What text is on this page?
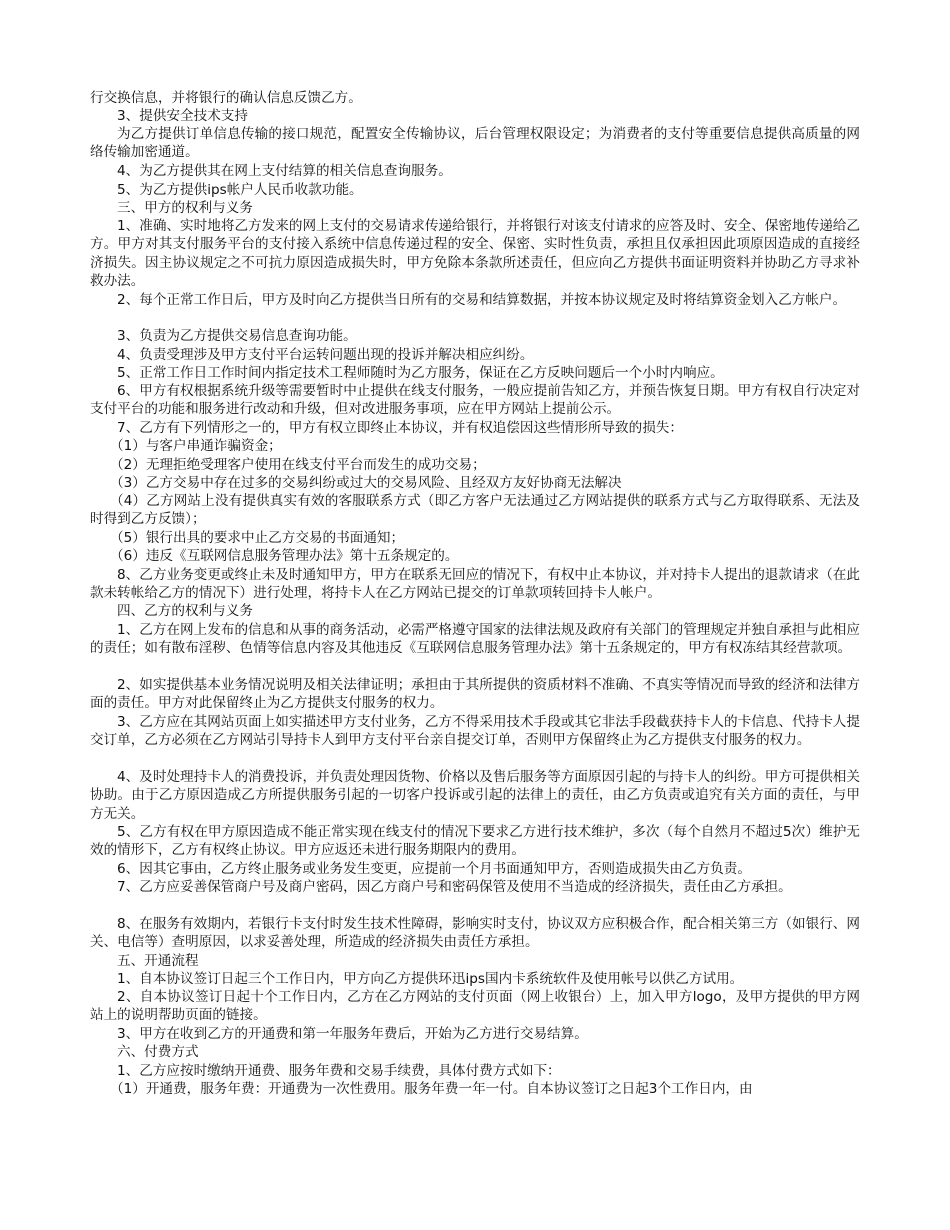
行交换信息，并将银行的确认信息反馈乙方。

3、提供安全技术支持

为乙方提供订单信息传输的接口规范，配置安全传输协议，后台管理权限设定；为消费者的支付等重要信息提供高质量的网络传输加密通道。

4、为乙方提供其在网上支付结算的相关信息查询服务。

5、为乙方提供ips帐户人民币收款功能。

三、甲方的权利与义务

1、准确、实时地将乙方发来的网上支付的交易请求传递给银行，并将银行对该支付请求的应答及时、安全、保密地传递给乙方。甲方对其支付服务平台的支付接入系统中信息传递过程的安全、保密、实时性负责，承担且仅承担因此项原因造成的直接经济损失。因主协议规定之不可抗力原因造成损失时，甲方免除本条款所述责任，但应向乙方提供书面证明资料并协助乙方寻求补救办法。

2、每个正常工作日后，甲方及时向乙方提供当日所有的交易和结算数据，并按本协议规定及时将结算资金划入乙方帐户。

3、负责为乙方提供交易信息查询功能。

4、负责受理涉及甲方支付平台运转问题出现的投诉并解决相应纠纷。

5、正常工作日工作时间内指定技术工程师随时为乙方服务，保证在乙方反映问题后一个小时内响应。

6、甲方有权根据系统升级等需要暂时中止提供在线支付服务，一般应提前告知乙方，并预告恢复日期。甲方有权自行决定对支付平台的功能和服务进行改动和升级，但对改进服务事项，应在甲方网站上提前公示。

7、乙方有下列情形之一的，甲方有权立即终止本协议，并有权追偿因这些情形所导致的损失：

（1）与客户串通诈骗资金；

（2）无理拒绝受理客户使用在线支付平台而发生的成功交易；

（3）乙方交易中存在过多的交易纠纷或过大的交易风险、且经双方友好协商无法解决

（4）乙方网站上没有提供真实有效的客服联系方式（即乙方客户无法通过乙方网站提供的联系方式与乙方取得联系、无法及时得到乙方反馈）；

（5）银行出具的要求中止乙方交易的书面通知；

（6）违反《互联网信息服务管理办法》第十五条规定的。

8、乙方业务变更或终止未及时通知甲方，甲方在联系无回应的情况下，有权中止本协议，并对持卡人提出的退款请求（在此款未转帐给乙方的情况下）进行处理，将持卡人在乙方网站已提交的订单款项转回持卡人帐户。

四、乙方的权利与义务

1、乙方在网上发布的信息和从事的商务活动，必需严格遵守国家的法律法规及政府有关部门的管理规定并独自承担与此相应的责任；如有散布淫秽、色情等信息内容及其他违反《互联网信息服务管理办法》第十五条规定的，甲方有权冻结其经营款项。

2、如实提供基本业务情况说明及相关法律证明；承担由于其所提供的资质材料不准确、不真实等情况而导致的经济和法律方面的责任。甲方对此保留终止为乙方提供支付服务的权力。

3、乙方应在其网站页面上如实描述甲方支付业务，乙方不得采用技术手段或其它非法手段截获持卡人的卡信息、代持卡人提交订单，乙方必须在乙方网站引导持卡人到甲方支付平台亲自提交订单，否则甲方保留终止为乙方提供支付服务的权力。

4、及时处理持卡人的消费投诉，并负责处理因货物、价格以及售后服务等方面原因引起的与持卡人的纠纷。甲方可提供相关协助。由于乙方原因造成乙方所提供服务引起的一切客户投诉或引起的法律上的责任，由乙方负责或追究有关方面的责任，与甲方无关。

5、乙方有权在甲方原因造成不能正常实现在线支付的情况下要求乙方进行技术维护，多次（每个自然月不超过5次）维护无效的情形下，乙方有权终止协议。甲方应返还未进行服务期限内的费用。

6、因其它事由，乙方终止服务或业务发生变更，应提前一个月书面通知甲方，否则造成损失由乙方负责。

7、乙方应妥善保管商户号及商户密码，因乙方商户号和密码保管及使用不当造成的经济损失，责任由乙方承担。

8、在服务有效期内，若银行卡支付时发生技术性障碍，影响实时支付，协议双方应积极合作，配合相关第三方（如银行、网关、电信等）查明原因，以求妥善处理，所造成的经济损失由责任方承担。

五、开通流程

1、自本协议签订日起三个工作日内，甲方向乙方提供环迅ips国内卡系统软件及使用帐号以供乙方试用。

2、自本协议签订日起十个工作日内，乙方在乙方网站的支付页面（网上收银台）上，加入甲方logo，及甲方提供的甲方网站上的说明帮助页面的链接。

3、甲方在收到乙方的开通费和第一年服务年费后，开始为乙方进行交易结算。

六、付费方式

1、乙方应按时缴纳开通费、服务年费和交易手续费，具体付费方式如下：

（1）开通费，服务年费：开通费为一次性费用。服务年费一年一付。自本协议签订之日起3个工作日内，由
